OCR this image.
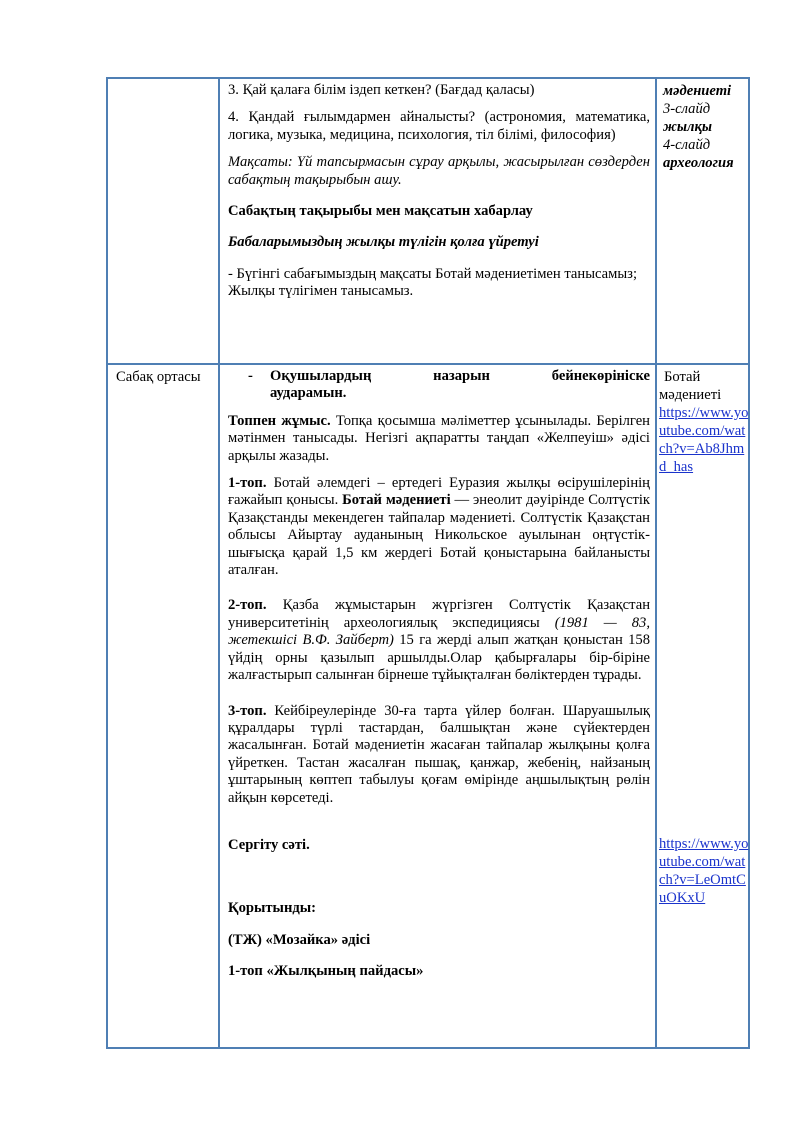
3. Қай қалаға білім іздеп кеткен? (Бағдад қаласы)

4. Қандай ғылымдармен айналысты? (астрономия, математика, логика, музыка, медицина, психология, тіл білімі, философия)

Мақсаты: Үй тапсырмасын сұрау арқылы, жасырылған сөздерден сабақтың тақырыбын ашу.

Сабақтың тақырыбы мен мақсатын хабарлау

Бабаларымыздың жылқы түлігін қолға үйретуі

- Бүгінгі сабағымыздың мақсаты Ботай мәдениетімен танысамыз;

Жылқы түлігімен танысамыз.

мәдениеті
3-слайд
жылқы
4-слайд
археология
Сабақ ортасы	-	Оқушылардың назарын бейнекөрініске
аударамын.

Топпен жұмыс. Топқа қосымша мәліметтер ұсынылады. Берілген мәтінмен танысады. Негізгі ақпаратты таңдап «Желпеуіш» әдісі арқылы жазады.

1-топ. Ботай әлемдегі – ертедегі Еуразия жылқы өсірушілерінің ғажайып қонысы. Ботай мәдениеті — энеолит дәуірінде Солтүстік Қазақстанды мекендеген тайпалар мәдениеті. Солтүстік Қазақстан облысы Айыртау ауданының Никольское ауылынан оңтүстік-шығысқа қарай 1,5 км жердегі Ботай қоныстарына байланысты аталған.

2-топ. Қазба жұмыстарын жүргізген Солтүстік Қазақстан университетінің археологиялық экспедициясы (1981 — 83, жетекшісі В.Ф. Зайберт) 15 га жерді алып жатқан қоныстан 158 үйдің орны қазылып аршылды.Олар қабырғалары бір-біріне жалғастырып салынған бірнеше тұйықталған бөліктерден тұрады.

3-топ. Кейбіреулерінде 30-ға тарта үйлер болған. Шаруашылық құралдары түрлі тастардан, балшықтан және сүйектерден жасалынған. Ботай мәдениетін жасаған тайпалар жылқыны қолға үйреткен. Тастан жасалған пышақ, қанжар, жебенің, найзаның ұштарының көптеп табылуы қоғам өмірінде аңшылықтың рөлін айқын көрсетеді.

Сергіту сәті.

Қорытынды:

(ТЖ) «Мозайка» әдісі

1-топ «Жылқының пайдасы»

Ботай
мәдениеті
https://www.youtube.com/watch?v=Ab8Jhmd_has
https://www.youtube.com/watch?v=LeOmtCuOKxU
